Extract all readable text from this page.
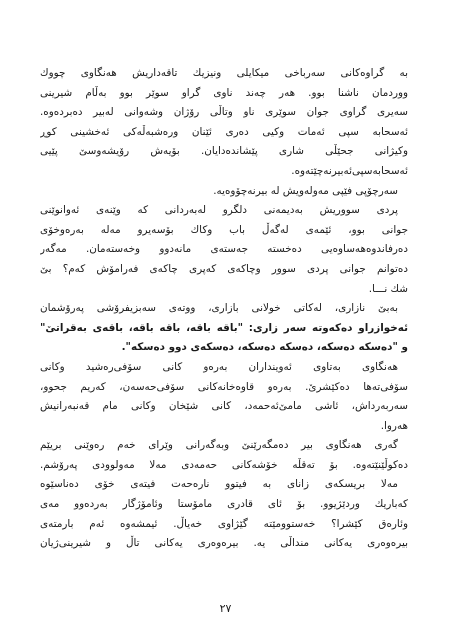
به گراوه‌كانی سه‌رباخی میكایلی ونیزیك تاقه‌داریش هه‌نگاوی چووك
ووردمان ناشنا بوو. هه‌ر چه‌ند ناوی گراو سوێر بوو به‌ڵام شیرینی
سه‌یری گراوی جوان سوێری ناو وتاڵی رۆژان وشه‌وانی له‌بیر ده‌برده‌وه.
ئه‌سحابه سپی ئه‌مات وكیی ده‌ری ‌ئێنان وره‌شبه‌ڵه‌كی ئه‌خشینی كوڕ
وكیژانی جحێڵی شاری پێشانده‌دایان. بۆیه‌ش رۆیشه‌وسێ پێیی
ئه‌سحابه‌سپی‌ئه‌بیرنه‌چێته‌وه.
سه‌رچۆپی فێپی مه‌وله‌ویش له بیرنه‌چۆوه‌یه.
پردی سووریش به‌دیمه‌نی دلگرو له‌به‌ردانی كه وێنه‌ی ئه‌وانوێنی
جوانی بوو، ئێمه‌ی له‌گه‌ڵ باب وكاك بۆسه‌یرو مه‌له به‌ره‌وخۆی
ده‌رفاندوه‌هه‌ساوه‌یی ده‌خسته جه‌سته‌ی مانه‌دوو وخه‌سته‌مان. مه‌گه‌ر
ده‌توانم جوانی پردی سوور وچاكه‌ی كه‌پری چاكه‌ی فه‌رامۆش كه‌م؟ بێ
شك نـــا.
به‌بێ نازاری، له‌كاتی خولانی بازاری، ووته‌ی سه‌بزیفرۆشی په‌رۆشمان
ئه‌خوازراو ده‌كه‌وته سه‌ر زاری: "باقه باقه، باقه باقه، باقه‌ی به‌قراتێ"
و "ده‌سكه ده‌سكه، ده‌سكه ده‌سكه، ده‌سكه‌ی دوو ده‌سكه".
هه‌نگاوی به‌تاوی ئه‌وینداران به‌ره‌و كانی سۆفی‌ره‌شید وكانی
سۆفی‌ته‌ها ده‌كێشرێ. به‌ره‌و قاوه‌خانه‌كانی سۆفی‌حه‌سه‌ن، كه‌ریم جحوو،
سه‌ربه‌رداش، ئاشی مامێ‌ئه‌حمه‌د، كانی شێخان وكانی مام قه‌نبه‌رانیش
هه‌روا.
گه‌ری هه‌نگاوی بیر ده‌مگه‌رێنێ وبه‌گه‌رانی وێرای خه‌م ره‌وێنی بریێم
ده‌كوڵێنێته‌وه. بۆ ته‌قڵه خۆشه‌كانی حه‌مه‌دی مه‌لا مه‌ولوودی په‌رۆشم.
مه‌لا بریسكه‌ی زانای به فیتوو ناره‌حه‌ت فیته‌ی خۆی ده‌ناسێوه
كه‌باریك وردێژیوو. بۆ ئای قادری مامۆستا وئامۆژگار به‌رده‌وو مه‌ی
وئاره‌ق كێشرا؟ خه‌ستوومێته گێژاوی خه‌یاڵ. ئیمشه‌وه ئه‌م بارمته‌ی
بیره‌وه‌ری یه‌كانی منداڵی یه. بیره‌وه‌ری یه‌كانی تاڵ و شیرینی‌ژیان
٢٧
